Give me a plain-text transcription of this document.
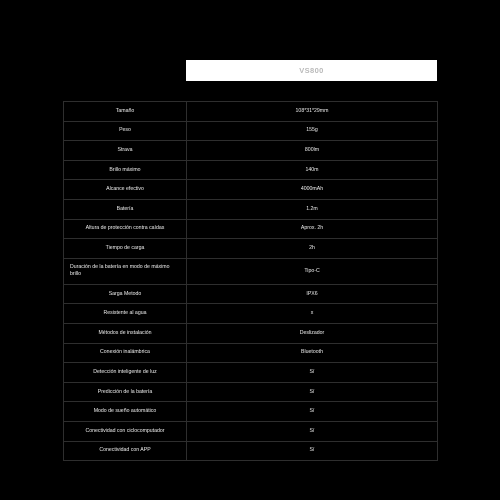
VS800
Tamaño	108*31*29mm
Peso	155g
Strava	800lm
Brillo máximo	140m
Alcance efectivo	4000mAh
Batería	1.2m
Altura de protección contra caídas	Aprox. 2h
Tiempo de carga	2h
Duración de la batería en modo de máximo brillo	Tipo-C
Sarga Metodo	IPX6
Resistente al agua	x
Métodos de instalación	Deslizador
Conexión inalámbrica	Bluetooth
Detección inteligente de luz	Sí
Predicción de la batería	Sí
Modo de sueño automático	Sí
Conectividad con ciclocomputador	Sí
Conectividad con APP	Sí
